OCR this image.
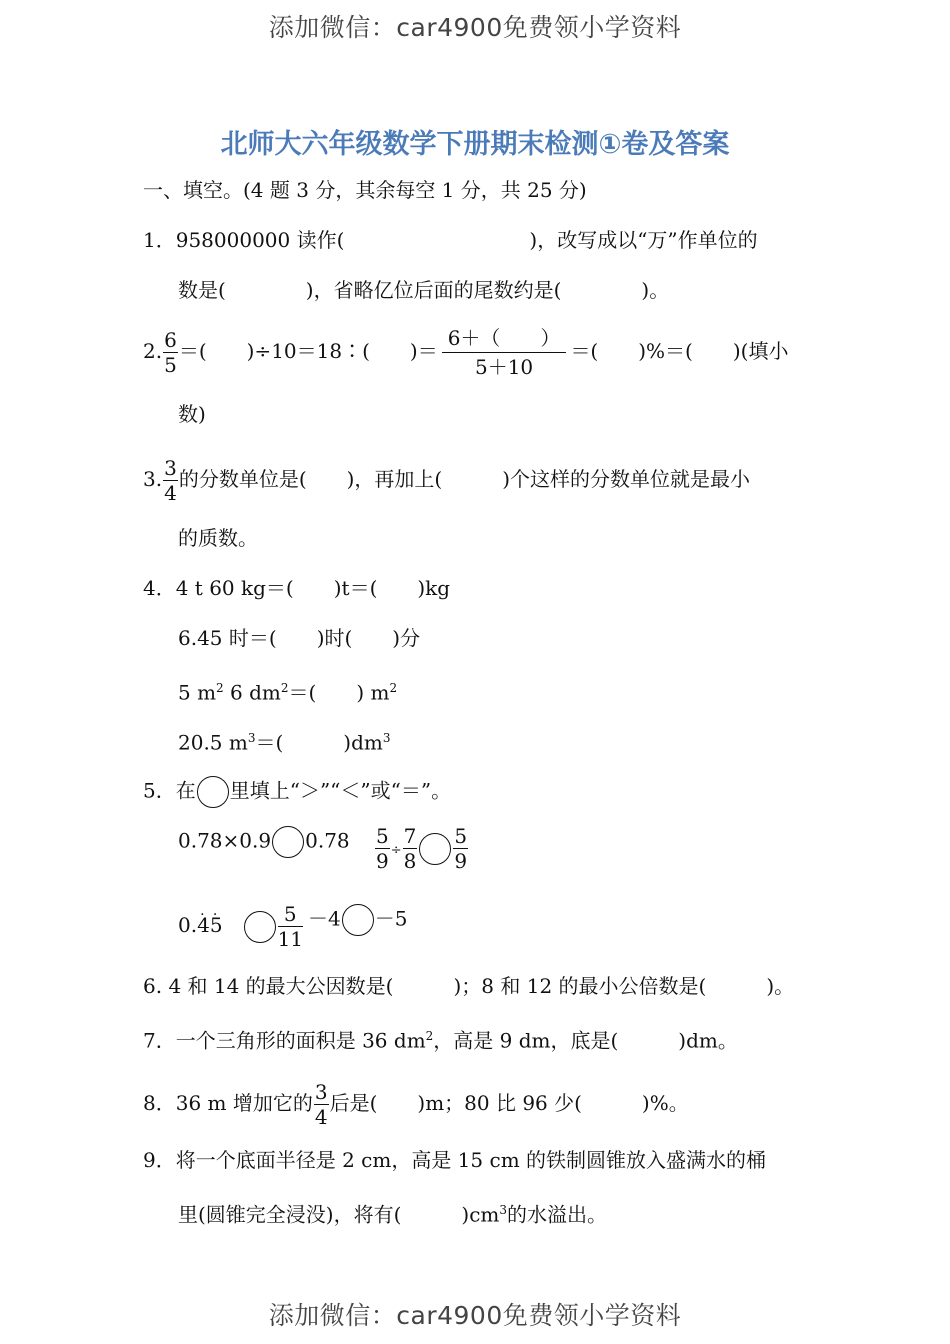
添加微信：car4900免费领小学资料
北师大六年级数学下册期末检测①卷及答案
一、填空。(4 题 3 分，其余每空 1 分，共 25 分)
1．958000000 读作(	)，改写成以“万”作单位的
数是(　　　　)，省略亿位后面的尾数约是(　　　　)。
2. $\frac{6}{5}$ ＝(　　)÷10＝18∶(　　)＝ $\frac{6+( )}{5+10}$ ＝(　　)%＝(　　)(填小
数)
3. $\frac{3}{4}$ 的分数单位是(　　)，再加上(　　　)个这样的分数单位就是最小
的质数。
4．4 t 60 kg＝(　　)t＝(　　)kg
6.45 时＝(　　)时(　　)分
5 $m^2$ 6 $dm^2=$(　　) $m^2$
20.5 $m^3=$(　　　)$dm^3$
5．在 里填上“＞”“＜”或“＝”。
0.78×0.9 $0.78 \frac{5}{9} \div \frac{7}{8} \frac{5}{9}$
0.· 4· 5	$\frac{5}{11} -4 -5$
6. 4 和 14 的最大公因数是(　　　)；8 和 12 的最小公倍数是(　　　)。
7．一个三角形的面积是 36 $dm^2$，高是 9 dm，底是(　　　)dm。
8．36 m 增加它的 $\frac{3}{4}$ 后是(　　)m；80 比 96 少(　　　)%。
9．将一个底面半径是 2 cm，高是 15 cm 的铁制圆锥放入盛满水的桶
里(圆锥完全浸没)，将有(　　　)$cm^3$的水溢出。
添加微信：car4900免费领小学资料
